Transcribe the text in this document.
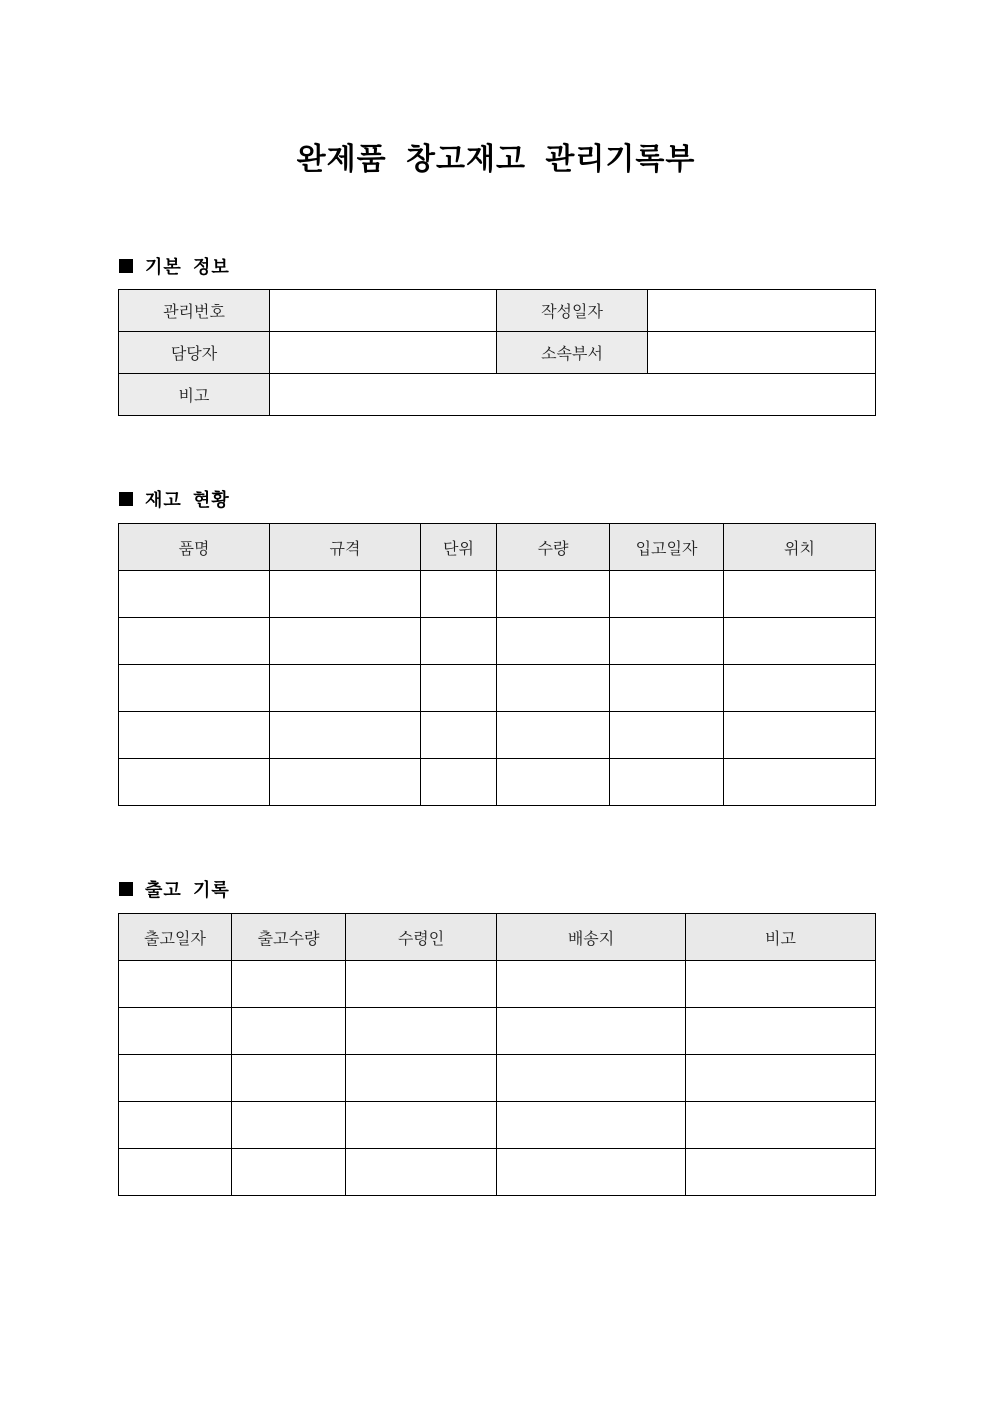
완제품 창고재고 관리기록부
기본 정보
관리번호		작성일자	
담당자		소속부서	
비고			
재고 현황
품명	규격	단위	수량	입고일자	위치

출고 기록
출고일자	출고수량	수령인	배송지	비고
